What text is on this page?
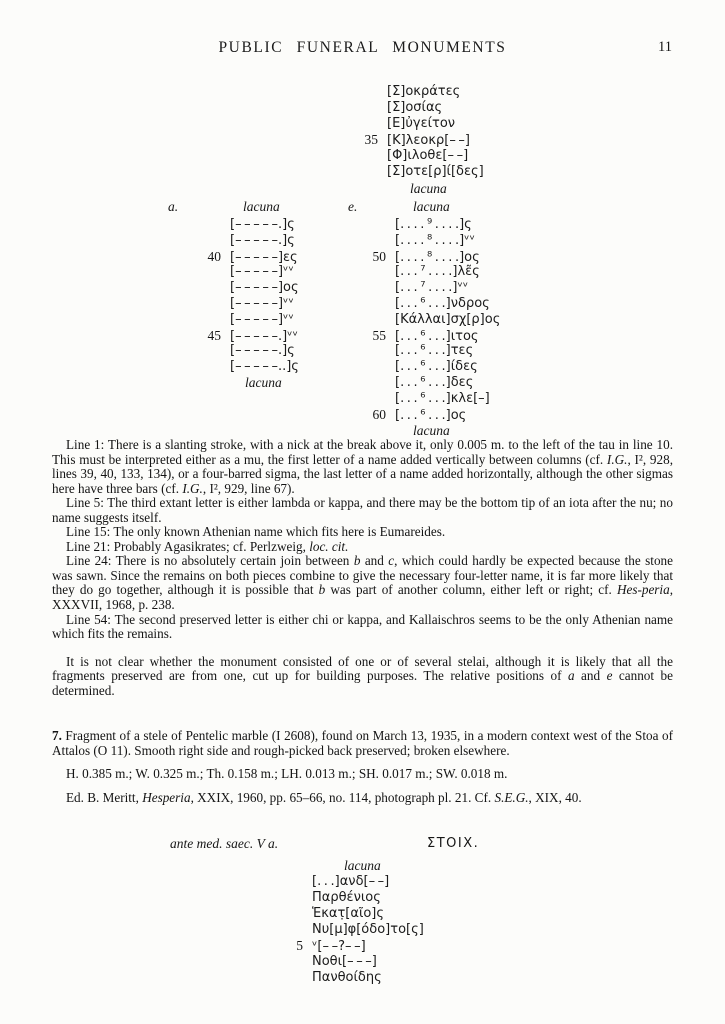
PUBLIC FUNERAL MONUMENTS	11
[Σ]οκράτες
[Σ]οσίας
[Ε]ὐγείτον
35 [Κ]λεοκρ[– –]
[Φ]ιλοθε[– –]
[Σ]οτε[ρ]ί[δες]
lacuna
a.	lacuna
[– – – – –.]ς
[– – – – –.]ς
40 [– – – – –]ες
[– – – – –]ᵛᵛ
[– – – – –]ος
[– – – – –]ᵛᵛ
[– – – – –]ᵛᵛ
45 [– – – – –.]ᵛᵛ
[– – – – –.]ς
[– – – – –..]ς
lacuna
e.	lacuna
[. . . . ⁹ . . . .]ς
[. . . . ⁸ . . . .]ᵛᵛ
50 [. . . . ⁸ . . . .]ος
[. . . ⁷ . . . .]λε̃ς
[. . . ⁷ . . . .]ᵛᵛ
[. . . ⁶ . . .]νδρος
[Κάλλαι]σχ[ρ]ος
55 [. . . ⁶ . . .]ιτος
[. . . ⁶ . . .]τες
[. . . ⁶ . . .]ίδες
[. . . ⁶ . . .]δες
[. . . ⁶ . . .]κλε[–]
60 [. . . ⁶ . . .]ος
lacuna

Line 1: There is a slanting stroke, with a nick at the break above it, only 0.005 m. to the left of the tau in line 10. This must be interpreted either as a mu, the first letter of a name added vertically between columns (cf. I.G., I², 928, lines 39, 40, 133, 134), or a four-barred sigma, the last letter of a name added horizontally, although the other sigmas here have three bars (cf. I.G., I², 929, line 67).

Line 5: The third extant letter is either lambda or kappa, and there may be the bottom tip of an iota after the nu; no name suggests itself.

Line 15: The only known Athenian name which fits here is Eumareides.

Line 21: Probably Agasikrates; cf. Perlzweig, loc. cit.

Line 24: There is no absolutely certain join between b and c, which could hardly be expected because the stone was sawn. Since the remains on both pieces combine to give the necessary four-letter name, it is far more likely that they do go together, although it is possible that b was part of another column, either left or right; cf. Hes-peria, XXXVII, 1968, p. 238.

Line 54: The second preserved letter is either chi or kappa, and Kallaischros seems to be the only Athenian name which fits the remains.

It is not clear whether the monument consisted of one or of several stelai, although it is likely that all the fragments preserved are from one, cut up for building purposes. The relative positions of a and e cannot be determined.

7. Fragment of a stele of Pentelic marble (I 2608), found on March 13, 1935, in a modern context west of the Stoa of Attalos (O 11). Smooth right side and rough-picked back preserved; broken elsewhere.

H. 0.385 m.; W. 0.325 m.; Th. 0.158 m.; LH. 0.013 m.; SH. 0.017 m.; SW. 0.018 m.

Ed. B. Meritt, Hesperia, XXIX, 1960, pp. 65–66, no. 114, photograph pl. 21. Cf. S.E.G., XIX, 40.

ante med. saec. V a.	ΣΤΟΙΧ.
lacuna
[. . .]ανδ[– –]
Παρθένιος
Ἑκατ̣[αῖο]ς
Νυ[μ]φ[όδο]το[ς]
5 ᵛ[– –?– –]
Νοθι[– – –]
Πανθοίδης
